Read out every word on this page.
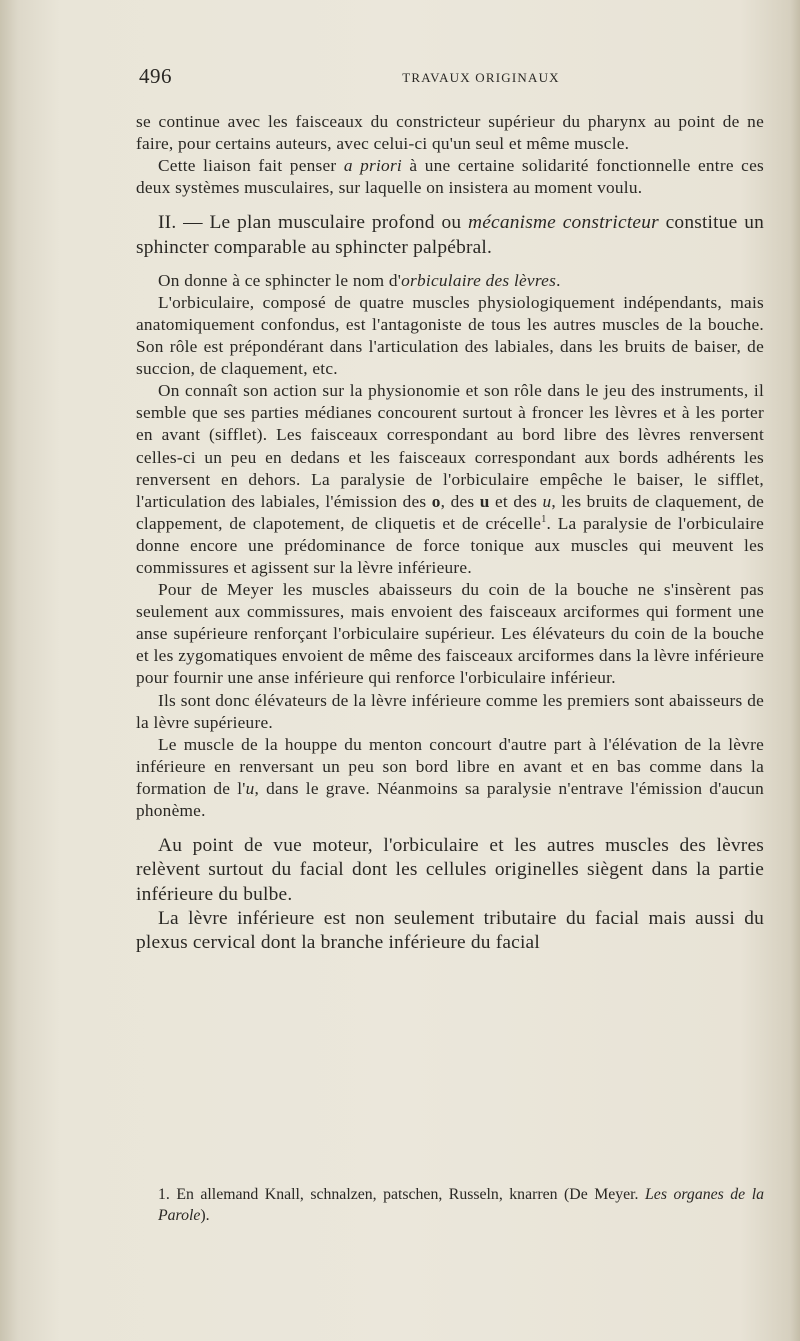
496	TRAVAUX ORIGINAUX

se continue avec les faisceaux du constricteur supérieur du pharynx au point de ne faire, pour certains auteurs, avec celui-ci qu'un seul et même muscle.

Cette liaison fait penser a priori à une certaine solidarité fonctionnelle entre ces deux systèmes musculaires, sur laquelle on insistera au moment voulu.

II. — Le plan musculaire profond ou mécanisme constricteur constitue un sphincter comparable au sphincter palpébral.

On donne à ce sphincter le nom d'orbiculaire des lèvres.

L'orbiculaire, composé de quatre muscles physiologiquement indépendants, mais anatomiquement confondus, est l'antagoniste de tous les autres muscles de la bouche. Son rôle est prépondérant dans l'articulation des labiales, dans les bruits de baiser, de succion, de claquement, etc.

On connaît son action sur la physionomie et son rôle dans le jeu des instruments, il semble que ses parties médianes concourent surtout à froncer les lèvres et à les porter en avant (sifflet). Les faisceaux correspondant au bord libre des lèvres renversent celles-ci un peu en dedans et les faisceaux correspondant aux bords adhérents les renversent en dehors. La paralysie de l'orbiculaire empêche le baiser, le sifflet, l'articulation des labiales, l'émission des o, des u et des u, les bruits de claquement, de clappement, de clapotement, de cliquetis et de crécelle$^1$. La paralysie de l'orbiculaire donne encore une prédominance de force tonique aux muscles qui meuvent les commissures et agissent sur la lèvre inférieure.

Pour de Meyer les muscles abaisseurs du coin de la bouche ne s'insèrent pas seulement aux commissures, mais envoient des faisceaux arciformes qui forment une anse supérieure renforçant l'orbiculaire supérieur. Les élévateurs du coin de la bouche et les zygomatiques envoient de même des faisceaux arciformes dans la lèvre inférieure pour fournir une anse inférieure qui renforce l'orbiculaire inférieur.

Ils sont donc élévateurs de la lèvre inférieure comme les premiers sont abaisseurs de la lèvre supérieure.

Le muscle de la houppe du menton concourt d'autre part à l'élévation de la lèvre inférieure en renversant un peu son bord libre en avant et en bas comme dans la formation de l'u, dans le grave. Néanmoins sa paralysie n'entrave l'émission d'aucun phonème.

Au point de vue moteur, l'orbiculaire et les autres muscles des lèvres relèvent surtout du facial dont les cellules originelles siègent dans la partie inférieure du bulbe.

La lèvre inférieure est non seulement tributaire du facial mais aussi du plexus cervical dont la branche inférieure du facial

1. En allemand Knall, schnalzen, patschen, Russeln, knarren (De Meyer. Les organes de la Parole).
